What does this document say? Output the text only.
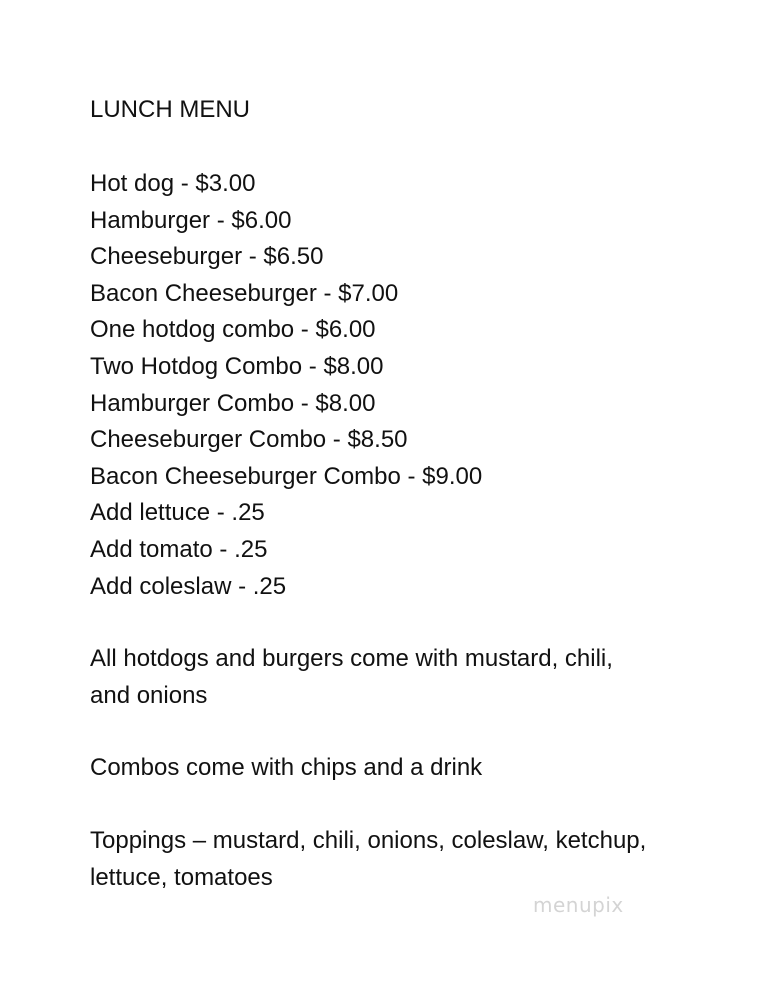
LUNCH MENU
Hot dog - $3.00
Hamburger - $6.00
Cheeseburger - $6.50
Bacon Cheeseburger - $7.00
One hotdog combo - $6.00
Two Hotdog Combo - $8.00
Hamburger Combo - $8.00
Cheeseburger Combo - $8.50
Bacon Cheeseburger Combo - $9.00
Add lettuce - .25
Add tomato - .25
Add coleslaw - .25

All hotdogs and burgers come with mustard, chili, and onions

Combos come with chips and a drink

Toppings – mustard, chili, onions, coleslaw, ketchup, lettuce, tomatoes

menupix
